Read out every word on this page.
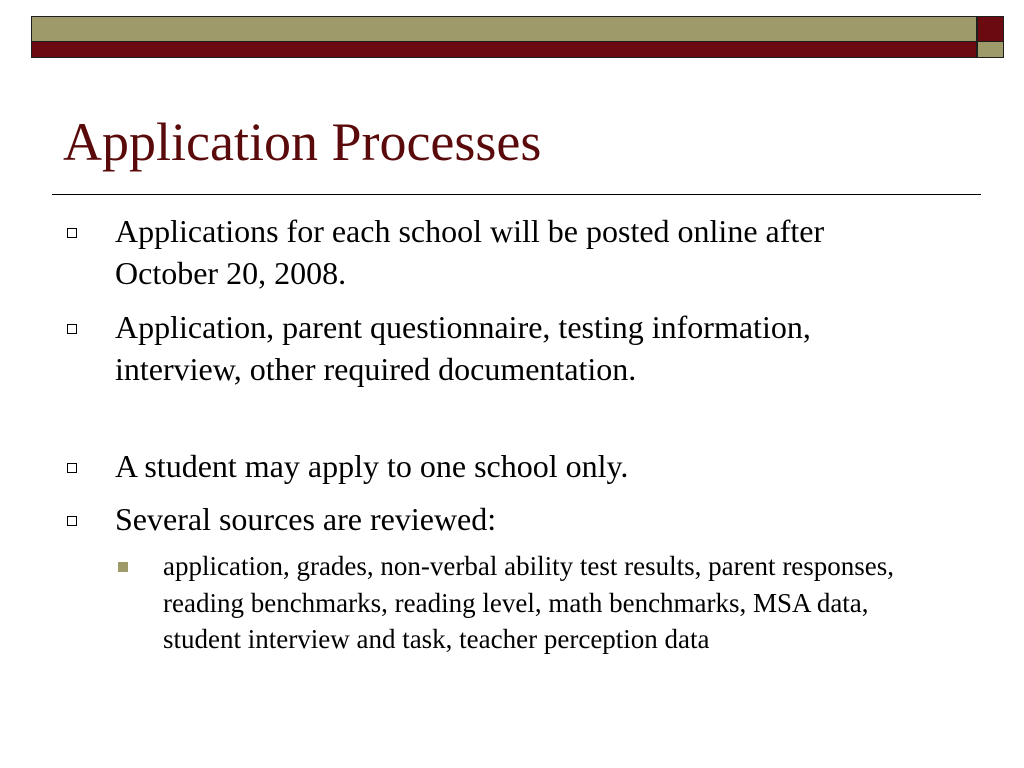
Application Processes
Applications for each school will be posted online after October 20, 2008.
Application, parent questionnaire, testing information, interview, other required documentation.
A student may apply to one school only.
Several sources are reviewed:
application, grades, non-verbal ability test results, parent responses, reading benchmarks, reading level, math benchmarks, MSA data, student interview and task, teacher perception data
